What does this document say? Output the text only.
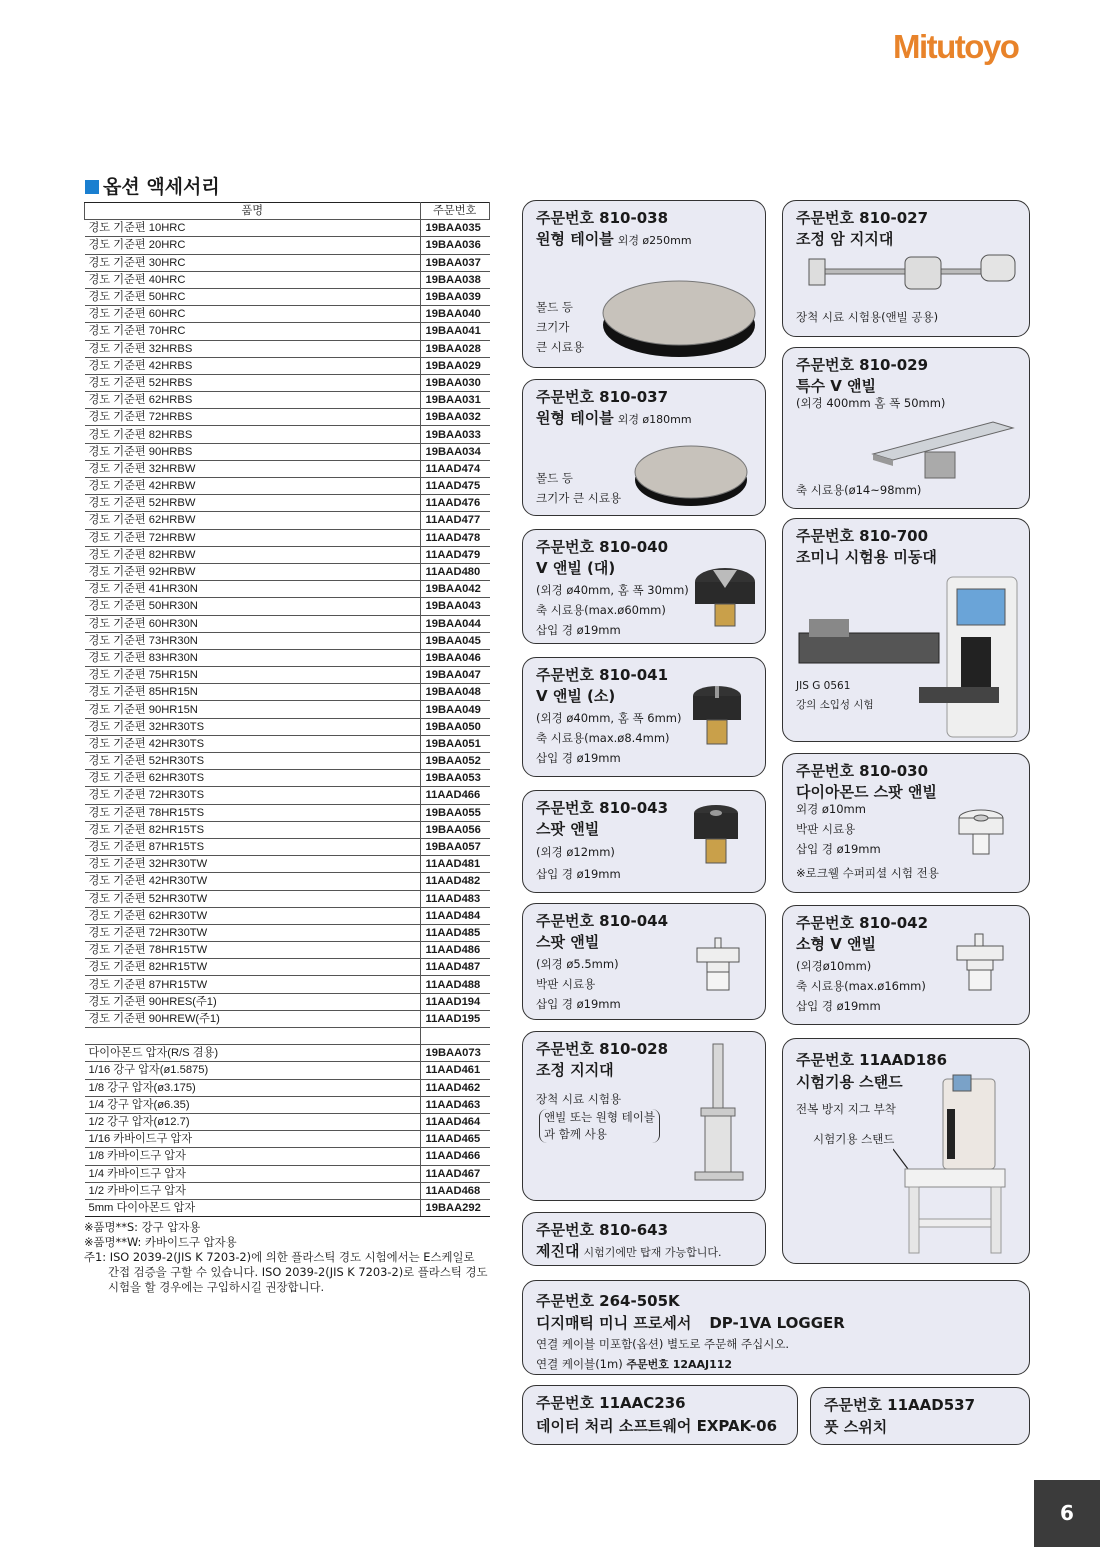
Mitutoyo
옵션 액세서리
품명	주문번호
경도 기준편 10HRC	19BAA035
경도 기준편 20HRC	19BAA036
경도 기준편 30HRC	19BAA037
경도 기준편 40HRC	19BAA038
경도 기준편 50HRC	19BAA039
경도 기준편 60HRC	19BAA040
경도 기준편 70HRC	19BAA041
경도 기준편 32HRBS	19BAA028
경도 기준편 42HRBS	19BAA029
경도 기준편 52HRBS	19BAA030
경도 기준편 62HRBS	19BAA031
경도 기준편 72HRBS	19BAA032
경도 기준편 82HRBS	19BAA033
경도 기준편 90HRBS	19BAA034
경도 기준편 32HRBW	11AAD474
경도 기준편 42HRBW	11AAD475
경도 기준편 52HRBW	11AAD476
경도 기준편 62HRBW	11AAD477
경도 기준편 72HRBW	11AAD478
경도 기준편 82HRBW	11AAD479
경도 기준편 92HRBW	11AAD480
경도 기준편 41HR30N	19BAA042
경도 기준편 50HR30N	19BAA043
경도 기준편 60HR30N	19BAA044
경도 기준편 73HR30N	19BAA045
경도 기준편 83HR30N	19BAA046
경도 기준편 75HR15N	19BAA047
경도 기준편 85HR15N	19BAA048
경도 기준편 90HR15N	19BAA049
경도 기준편 32HR30TS	19BAA050
경도 기준편 42HR30TS	19BAA051
경도 기준편 52HR30TS	19BAA052
경도 기준편 62HR30TS	19BAA053
경도 기준편 72HR30TS	11AAD466
경도 기준편 78HR15TS	19BAA055
경도 기준편 82HR15TS	19BAA056
경도 기준편 87HR15TS	19BAA057
경도 기준편 32HR30TW	11AAD481
경도 기준편 42HR30TW	11AAD482
경도 기준편 52HR30TW	11AAD483
경도 기준편 62HR30TW	11AAD484
경도 기준편 72HR30TW	11AAD485
경도 기준편 78HR15TW	11AAD486
경도 기준편 82HR15TW	11AAD487
경도 기준편 87HR15TW	11AAD488
경도 기준편 90HRES(주1)	11AAD194
경도 기준편 90HREW(주1)	11AAD195

다이아몬드 압자(R/S 겸용)	19BAA073
1/16 강구 압자(ø1.5875)	11AAD461
1/8 강구 압자(ø3.175)	11AAD462
1/4 강구 압자(ø6.35)	11AAD463
1/2 강구 압자(ø12.7)	11AAD464
1/16 카바이드구 압자	11AAD465
1/8 카바이드구 압자	11AAD466
1/4 카바이드구 압자	11AAD467
1/2 카바이드구 압자	11AAD468
5mm 다이아몬드 압자	19BAA292

※품명**S: 강구 압자용

※품명**W: 카바이드구 압자용

주1: ISO 2039-2(JIS K 7203-2)에 의한 플라스틱 경도 시험에서는 E스케일로

간접 검증을 구할 수 있습니다. ISO 2039-2(JIS K 7203-2)로 플라스틱 경도

시험을 할 경우에는 구입하시길 권장합니다.

주문번호 810-038
원형 테이블 외경 ø250mm
몰드 등
크기가
큰 시료용
주문번호 810-027
조정 암 지지대
장척 시료 시험용(앤빌 공용)
주문번호 810-029
특수 V 앤빌
(외경 400mm 홈 폭 50mm)
축 시료용(ø14~98mm)
주문번호 810-037
원형 테이블 외경 ø180mm
몰드 등
크기가 큰 시료용
주문번호 810-700
조미니 시험용 미동대
JIS G 0561
강의 소입성 시험
주문번호 810-040
V 앤빌 (대)
(외경 ø40mm, 홈 폭 30mm)
축 시료용(max.ø60mm)
삽입 경 ø19mm
주문번호 810-041
V 앤빌 (소)
(외경 ø40mm, 홈 폭 6mm)
축 시료용(max.ø8.4mm)
삽입 경 ø19mm
주문번호 810-030
다이아몬드 스팟 앤빌
외경 ø10mm
박판 시료용
삽입 경 ø19mm
※로크웰 수퍼피셜 시험 전용
주문번호 810-043
스팟 앤빌
(외경 ø12mm)
삽입 경 ø19mm
주문번호 810-044
스팟 앤빌
(외경 ø5.5mm)
박판 시료용
삽입 경 ø19mm
주문번호 810-042
소형 V 앤빌
(외경ø10mm)
축 시료용(max.ø16mm)
삽입 경 ø19mm
주문번호 810-028
조정 지지대
장척 시료 시험용
앤빌 또는 원형 테이블
과 함께 사용
주문번호 11AAD186
시험기용 스탠드
전복 방지 지그 부착
시험기용 스탠드
주문번호 810-643
제진대 시험기에만 탑재 가능합니다.
주문번호 264-505K
디지매틱 미니 프로세서 DP-1VA LOGGER
연결 케이블 미포함(옵션) 별도로 주문해 주십시오.
연결 케이블(1m) 주문번호 12AAJ112
주문번호 11AAC236
데이터 처리 소프트웨어 EXPAK-06
주문번호 11AAD537
풋 스위치
6
